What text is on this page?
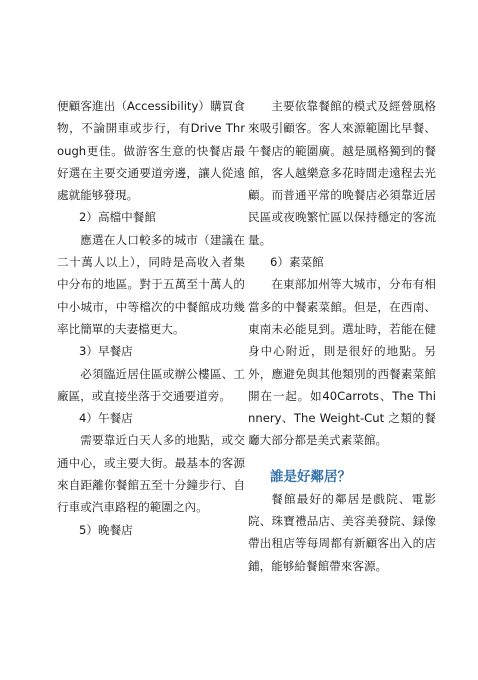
便顧客進出（Accessibility）購買食物，不論開車或步行，有Drive Through更佳。做游客生意的快餐店最好選在主要交通要道旁邊，讓人從遠處就能够發現。
2）高檔中餐館
應選在人口較多的城市（建議在二十萬人以上），同時是高收入者集中分布的地區。對于五萬至十萬人的中小城市，中等檔次的中餐館成功幾率比簡單的夫妻檔更大。
3）早餐店
必須臨近居住區或辦公樓區、工廠區，或直接坐落于交通要道旁。
4）午餐店
需要靠近白天人多的地點，或交通中心，或主要大街。最基本的客源來自距離你餐館五至十分鐘步行、自行車或汽車路程的範圍之內。
5）晚餐店
主要依靠餐館的模式及經營風格來吸引顧客。客人來源範圍比早餐、午餐店的範圍廣。越是風格獨到的餐館，客人越樂意多花時間走遠程去光顧。而普通平常的晚餐店必須靠近居民區或夜晚繁忙區以保持穩定的客流量。
6）素菜館
在東部加州等大城市，分布有相當多的中餐素菜館。但是，在西南、東南未必能見到。選址時，若能在健身中心附近，則是很好的地點。另外，應避免與其他類別的西餐素菜館開在一起。如40Carrots、The Thinnery、The Weight-Cut 之類的餐廳大部分都是美式素菜館。
誰是好鄰居？
餐館最好的鄰居是戲院、電影院、珠寶禮品店、美容美發院、録像帶出租店等每周都有新顧客出入的店鋪，能够給餐館帶來客源。
